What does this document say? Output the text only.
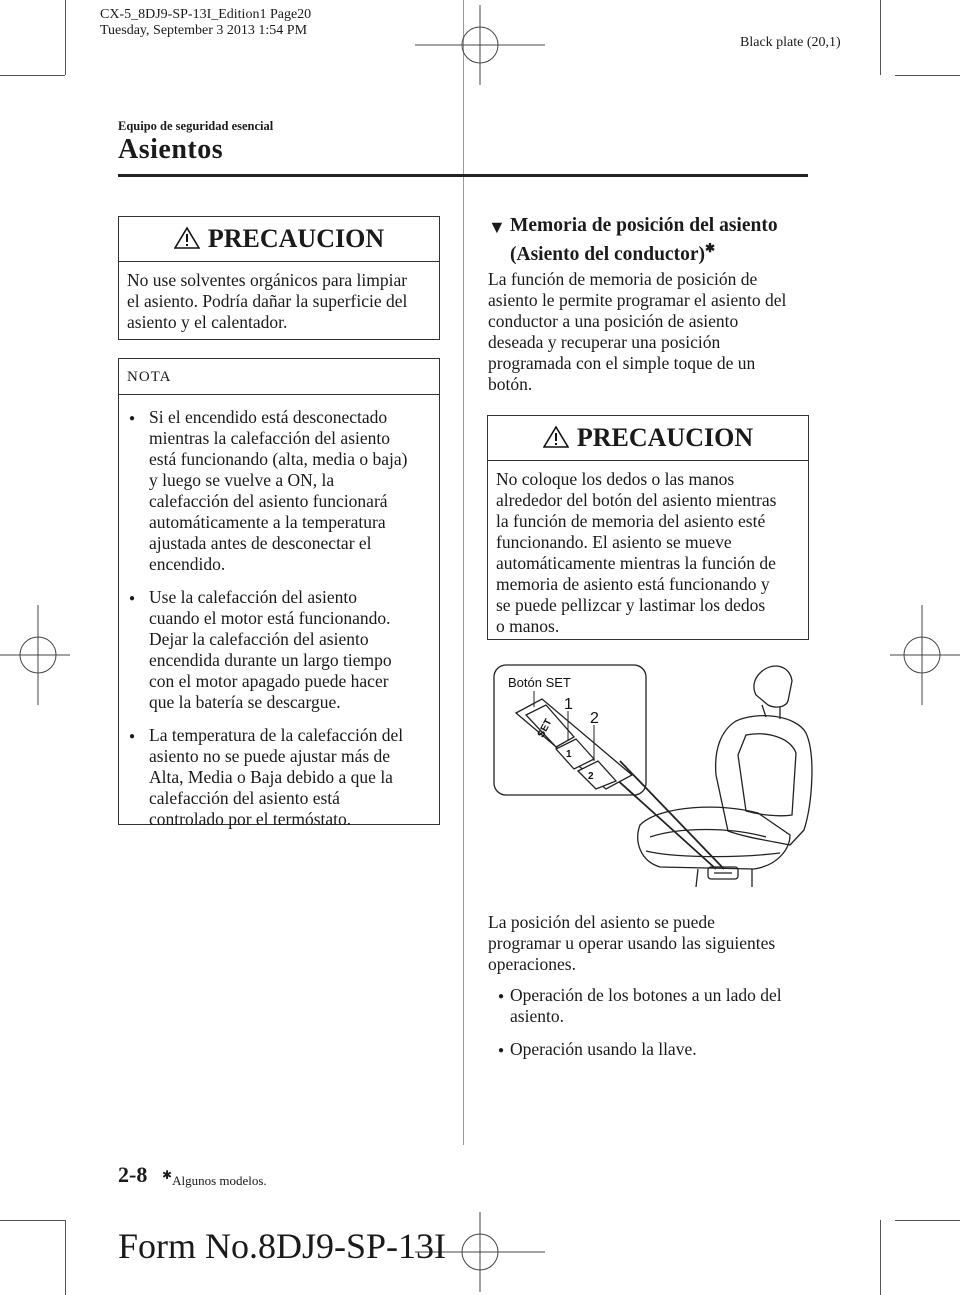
CX-5_8DJ9-SP-13I_Edition1 Page20
Tuesday, September 3 2013 1:54 PM
Black plate (20,1)
Equipo de seguridad esencial
Asientos
PRECAUCION
No use solventes orgánicos para limpiar
el asiento. Podría dañar la superficie del
asiento y el calentador.
NOTA
● Si el encendido está desconectado
mientras la calefacción del asiento
está funcionando (alta, media o baja)
y luego se vuelve a ON, la
calefacción del asiento funcionará
automáticamente a la temperatura
ajustada antes de desconectar el
encendido.
● Use la calefacción del asiento
cuando el motor está funcionando.
Dejar la calefacción del asiento
encendida durante un largo tiempo
con el motor apagado puede hacer
que la batería se descargue.
● La temperatura de la calefacción del
asiento no se puede ajustar más de
Alta, Media o Baja debido a que la
calefacción del asiento está
controlado por el termóstato.
▼ Memoria de posición del asiento
(Asiento del conductor)✱
La función de memoria de posición de
asiento le permite programar el asiento del
conductor a una posición de asiento
deseada y recuperar una posición
programada con el simple toque de un
botón.
PRECAUCION
No coloque los dedos o las manos
alrededor del botón del asiento mientras
la función de memoria del asiento esté
funcionando. El asiento se mueve
automáticamente mientras la función de
memoria de asiento está funcionando y
se puede pellizcar y lastimar los dedos
o manos.
Botón SET
SET
1
2
1
2
La posición del asiento se puede
programar u operar usando las siguientes
operaciones.
● Operación de los botones a un lado del
asiento.
● Operación usando la llave.
2-8 ✱Algunos modelos.
Form No.8DJ9-SP-13I
